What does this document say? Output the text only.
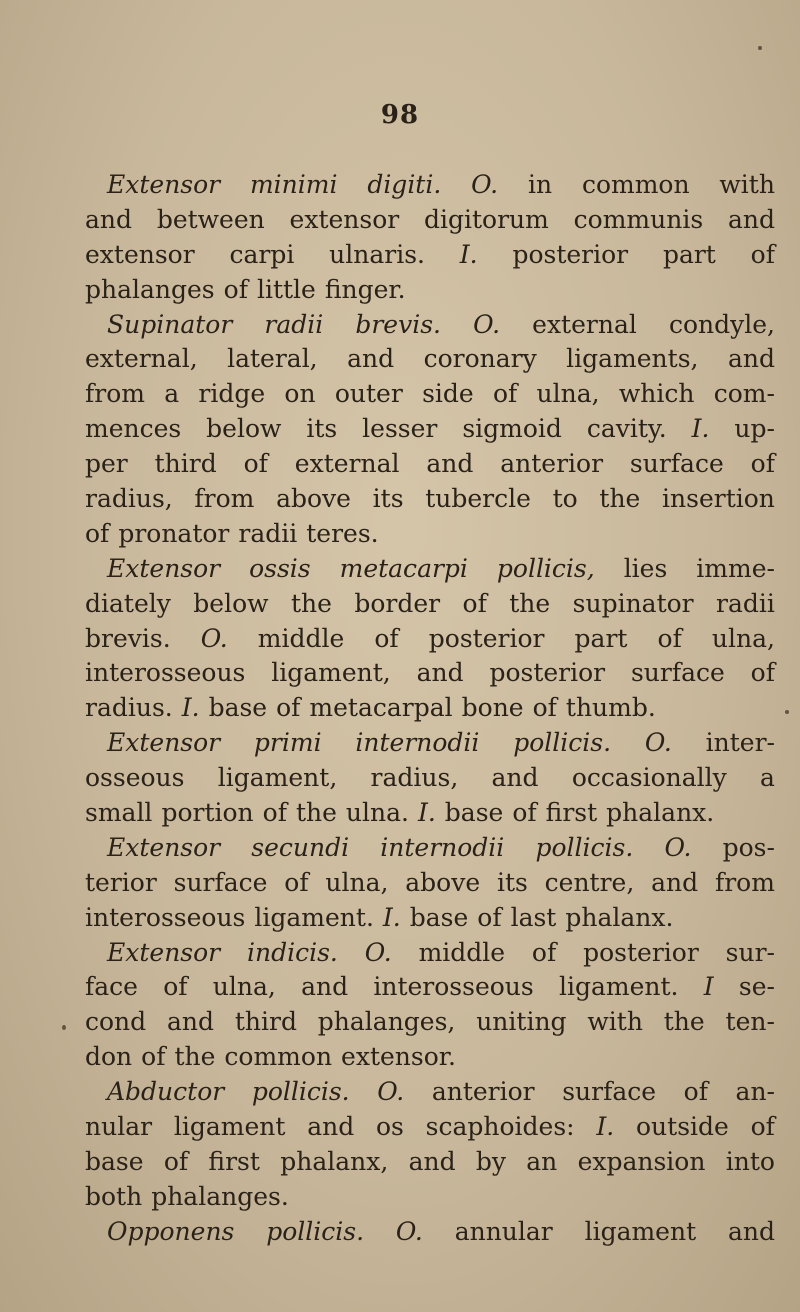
98
Extensor minimi digiti. O. in common with
and between extensor digitorum communis and
extensor carpi ulnaris. I. posterior part of
phalanges of little finger.
Supinator radii brevis. O. external condyle,
external, lateral, and coronary ligaments, and
from a ridge on outer side of ulna, which com-
mences below its lesser sigmoid cavity. I. up-
per third of external and anterior surface of
radius, from above its tubercle to the insertion
of pronator radii teres.
Extensor ossis metacarpi pollicis, lies imme-
diately below the border of the supinator radii
brevis. O. middle of posterior part of ulna,
interosseous ligament, and posterior surface of
radius. I. base of metacarpal bone of thumb.
Extensor primi internodii pollicis. O. inter-
osseous ligament, radius, and occasionally a
small portion of the ulna. I. base of first phalanx.
Extensor secundi internodii pollicis. O. pos-
terior surface of ulna, above its centre, and from
interosseous ligament. I. base of last phalanx.
Extensor indicis. O. middle of posterior sur-
face of ulna, and interosseous ligament. I se-
cond and third phalanges, uniting with the ten-
don of the common extensor.
Abductor pollicis. O. anterior surface of an-
nular ligament and os scaphoides: I. outside of
base of first phalanx, and by an expansion into
both phalanges.
Opponens pollicis. O. annular ligament and
